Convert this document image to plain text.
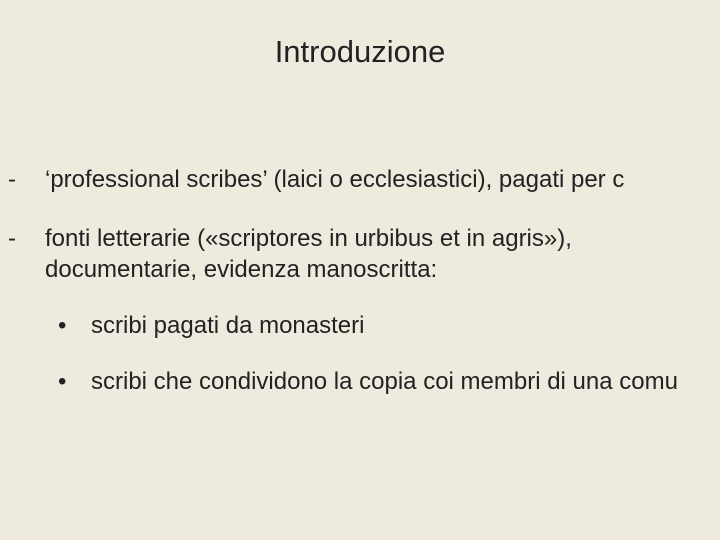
Introduzione
- ‘professional scribes’ (laici o ecclesiastici), pagati per c
- fonti letterarie («scriptores in urbibus et in agris»),
documentarie, evidenza manoscritta:
• scribi pagati da monasteri
• scribi che condividono la copia coi membri di una comu
